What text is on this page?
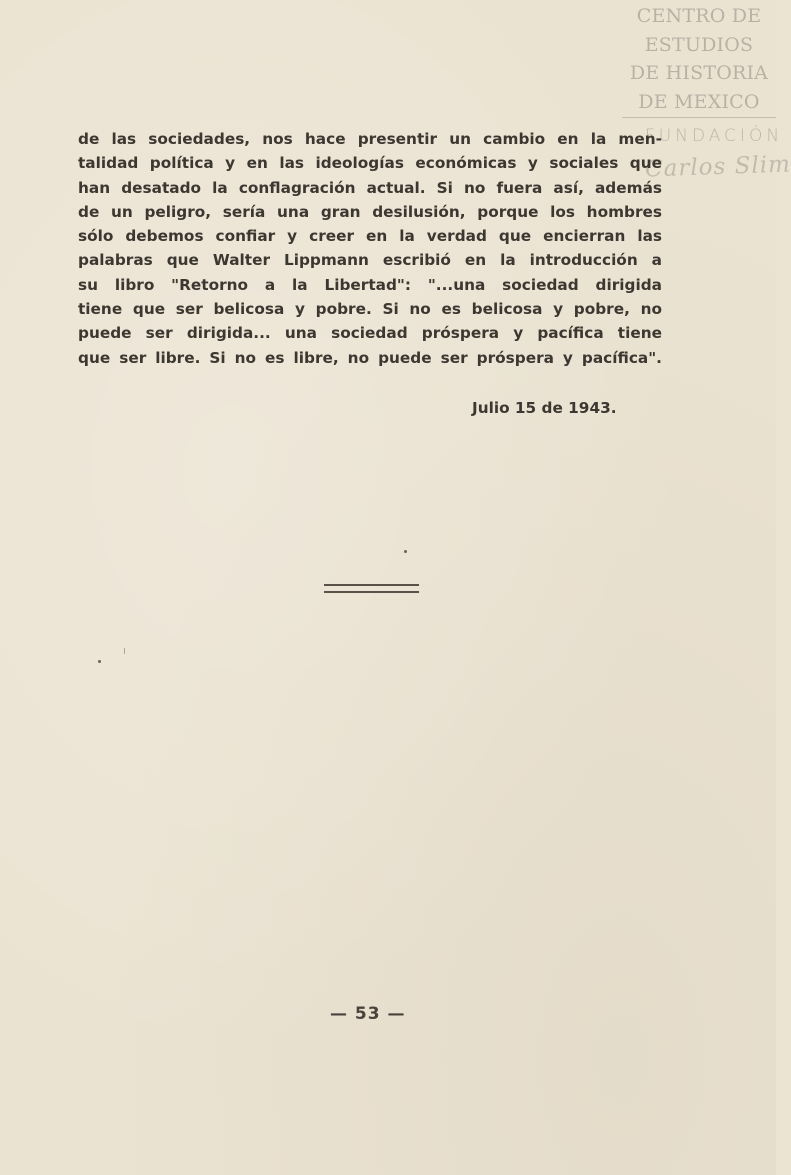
CENTRO DE
ESTUDIOS
DE HISTORIA
DE MEXICO
FUNDACIÓN
Carlos Slim
de las sociedades, nos hace presentir un cambio en la men-
talidad política y en las ideologías económicas y sociales que
han desatado la conflagración actual. Si no fuera así, además
de un peligro, sería una gran desilusión, porque los hombres
sólo debemos confiar y creer en la verdad que encierran las
palabras que Walter Lippmann escribió en la introducción a
su libro "Retorno a la Libertad": "...una sociedad dirigida
tiene que ser belicosa y pobre. Si no es belicosa y pobre, no
puede ser dirigida... una sociedad próspera y pacífica tiene
que ser libre. Si no es libre, no puede ser próspera y pacífica".
Julio 15 de 1943.
— 53 —
